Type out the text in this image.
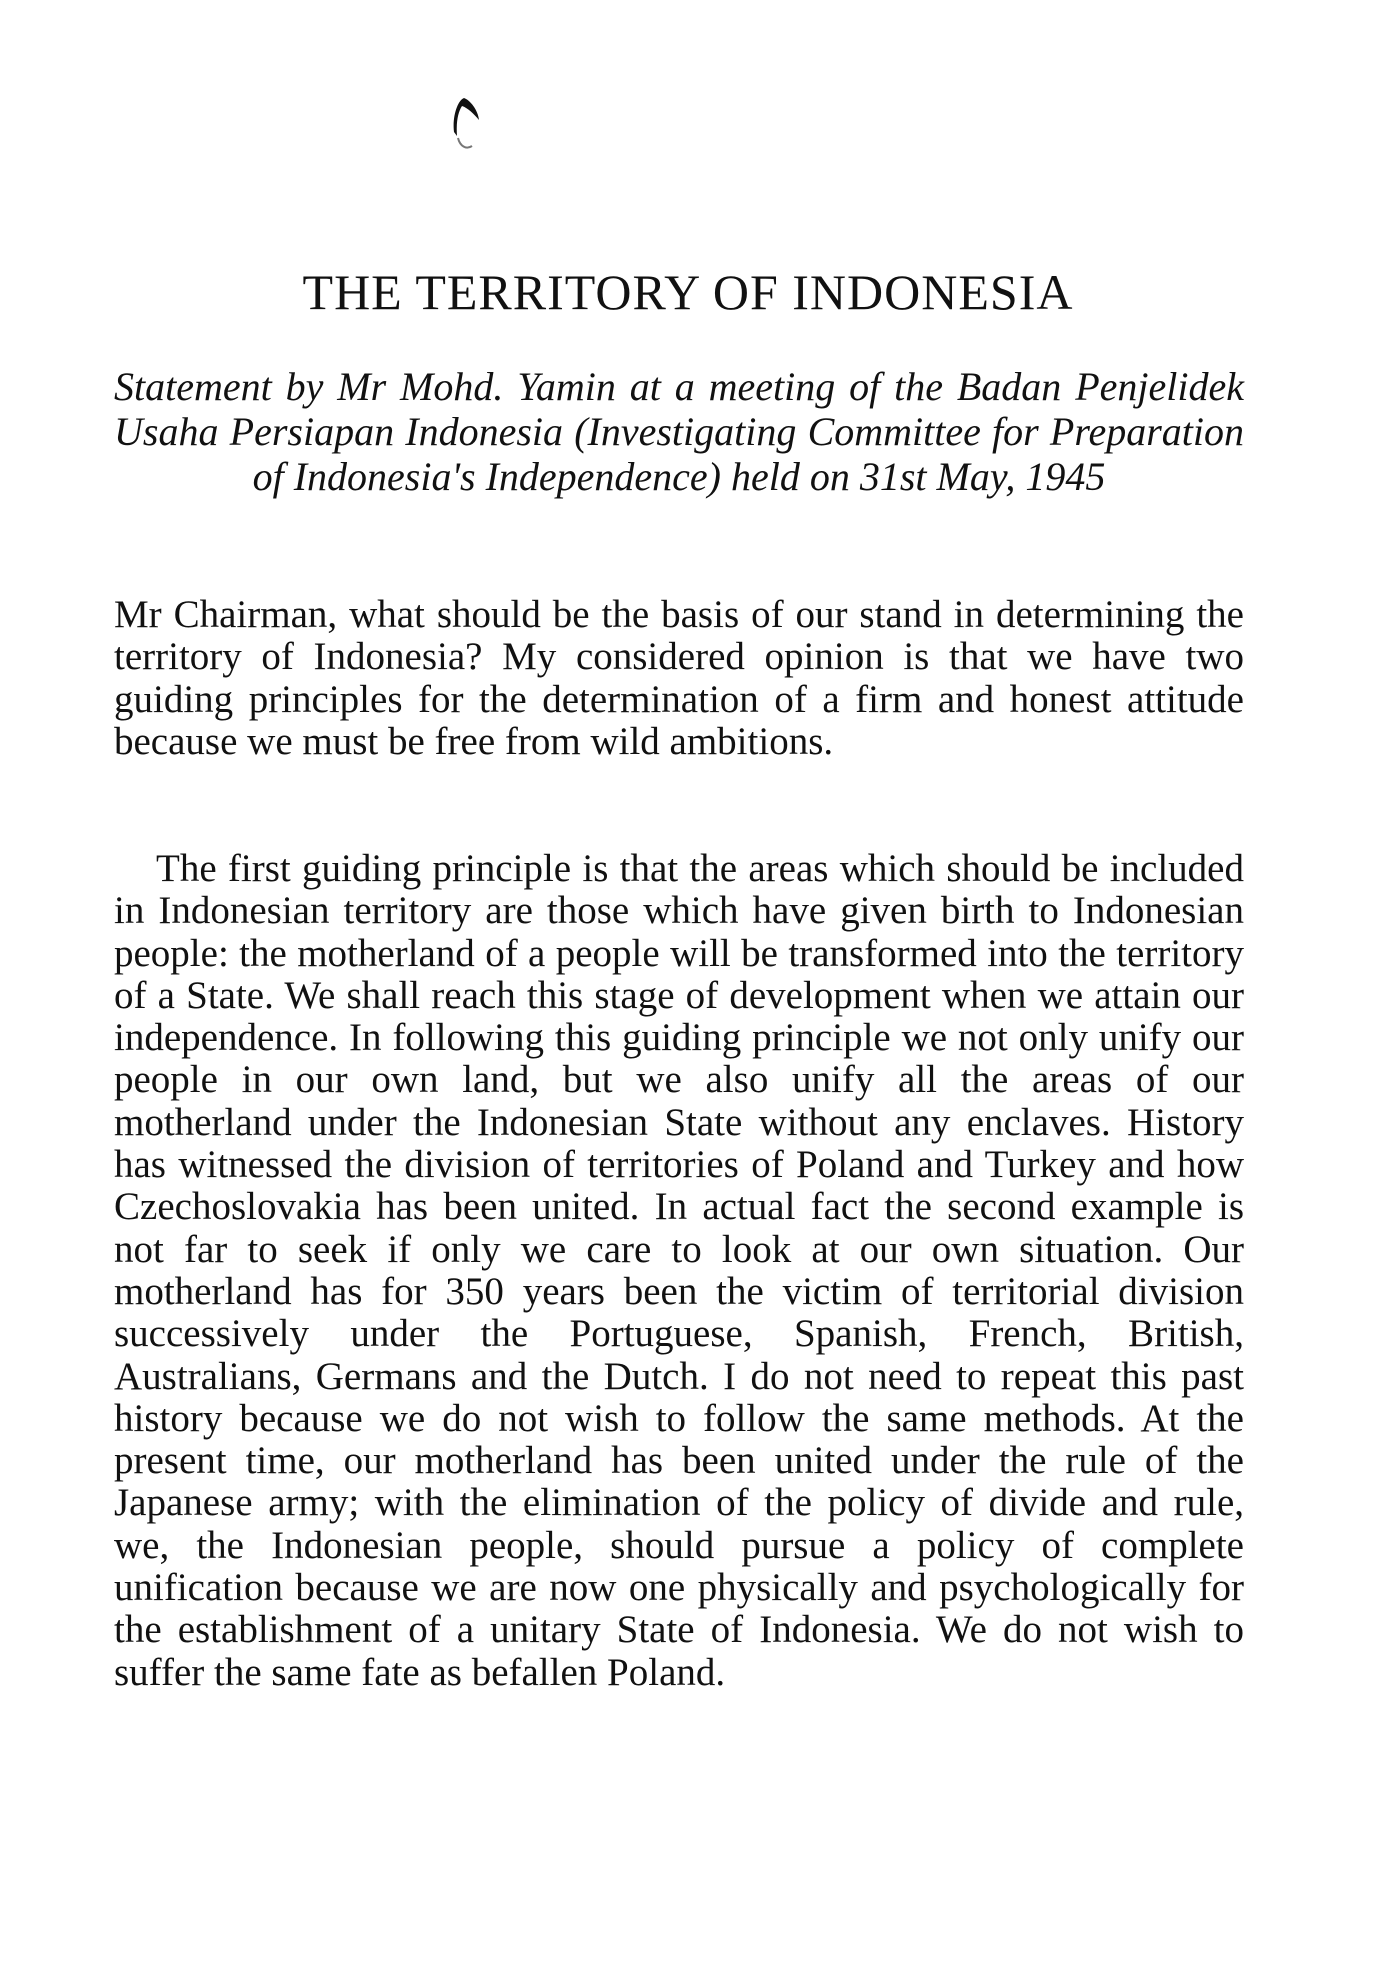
THE TERRITORY OF INDONESIA

Statement by Mr Mohd. Yamin at a meeting of the Badan Penjelidek Usaha Persiapan Indonesia (Investigating Committee for Preparation of Indonesia's Independence) held on 31st May, 1945

Mr Chairman, what should be the basis of our stand in determining the territory of Indonesia? My considered opinion is that we have two guiding principles for the determination of a firm and honest attitude because we must be free from wild ambitions.

The first guiding principle is that the areas which should be included in Indonesian territory are those which have given birth to Indonesian people: the motherland of a people will be transformed into the territory of a State. We shall reach this stage of development when we attain our independence. In following this guiding principle we not only unify our people in our own land, but we also unify all the areas of our motherland under the Indonesian State without any enclaves. History has witnessed the division of territories of Poland and Turkey and how Czechoslovakia has been united. In actual fact the second example is not far to seek if only we care to look at our own situation. Our motherland has for 350 years been the victim of territorial division successively under the Portuguese, Spanish, French, British, Australians, Germans and the Dutch. I do not need to repeat this past history because we do not wish to follow the same methods. At the present time, our motherland has been united under the rule of the Japanese army; with the elimination of the policy of divide and rule, we, the Indonesian people, should pursue a policy of complete unification because we are now one physically and psychologically for the establishment of a unitary State of Indonesia. We do not wish to suffer the same fate as befallen Poland.
